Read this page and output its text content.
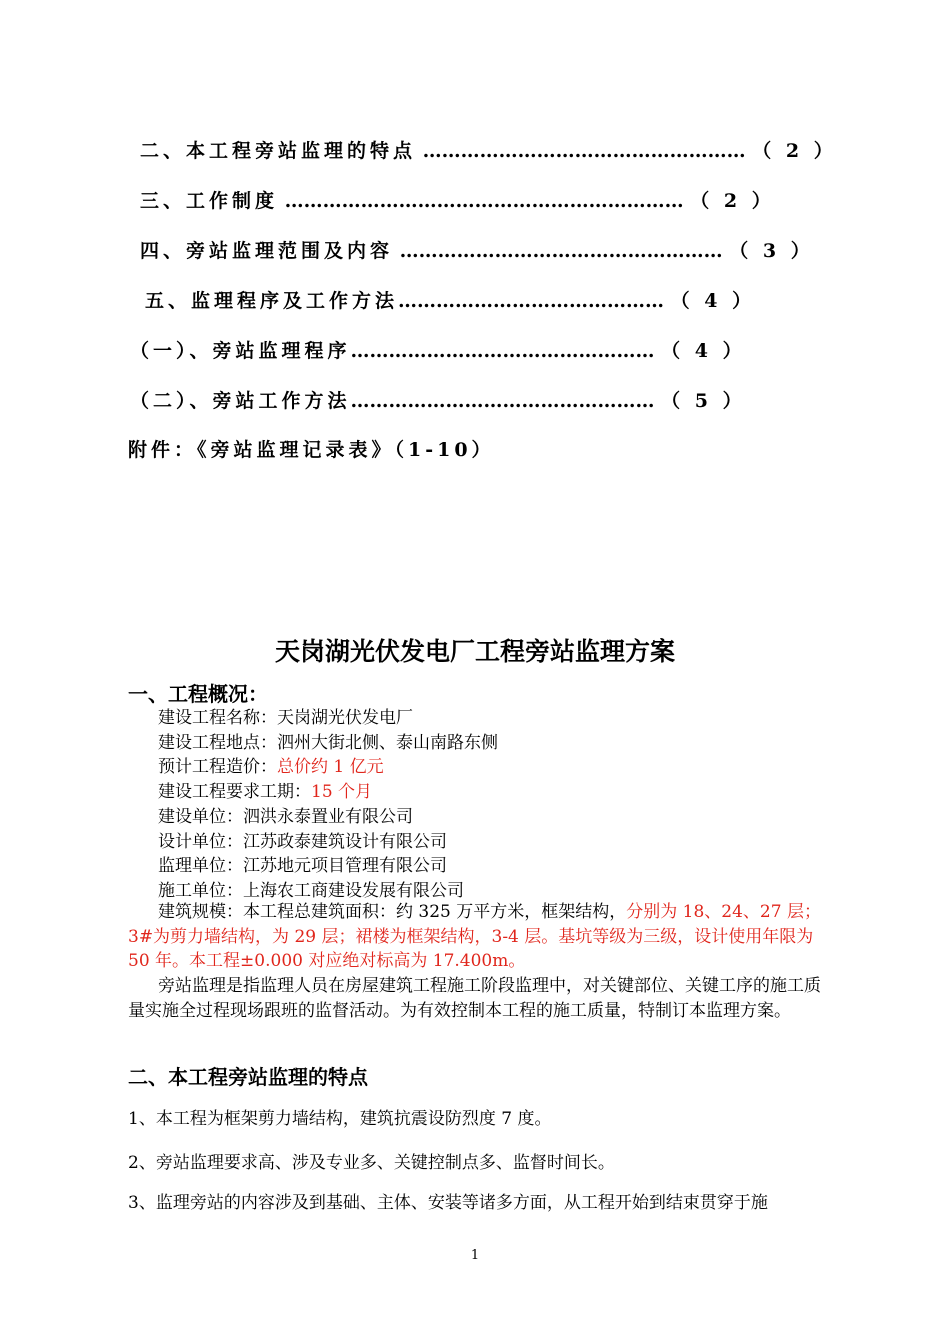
二、本工程旁站监理的特点 …………………………………………… （ 2 ）
三、工作制度 ……………………………………………………… （ 2 ）
四、旁站监理范围及内容 …………………………………………… （ 3 ）
五、监理程序及工作方法…………………………………… （ 4 ）
（一）、旁站监理程序………………………………………… （ 4 ）
（二）、旁站工作方法………………………………………… （ 5 ）
附件：《旁站监理记录表》（1-10）
天岗湖光伏发电厂工程旁站监理方案
一、工程概况：
建设工程名称：天岗湖光伏发电厂
建设工程地点：泗州大街北侧、泰山南路东侧
预计工程造价：总价约 1 亿元
建设工程要求工期：15 个月
建设单位：泗洪永泰置业有限公司
设计单位：江苏政泰建筑设计有限公司
监理单位：江苏地元项目管理有限公司
施工单位：上海农工商建设发展有限公司
建筑规模：本工程总建筑面积：约 325 万平方米，框架结构，分别为 18、24、27 层；3#为剪力墙结构，为 29 层；裙楼为框架结构，3-4 层。基坑等级为三级，设计使用年限为 50 年。本工程±0.000 对应绝对标高为 17.400m。
旁站监理是指监理人员在房屋建筑工程施工阶段监理中，对关键部位、关键工序的施工质量实施全过程现场跟班的监督活动。为有效控制本工程的施工质量，特制订本监理方案。
二、本工程旁站监理的特点
1、本工程为框架剪力墙结构，建筑抗震设防烈度 7 度。
2、旁站监理要求高、涉及专业多、关键控制点多、监督时间长。
3、监理旁站的内容涉及到基础、主体、安装等诸多方面，从工程开始到结束贯穿于施
1
